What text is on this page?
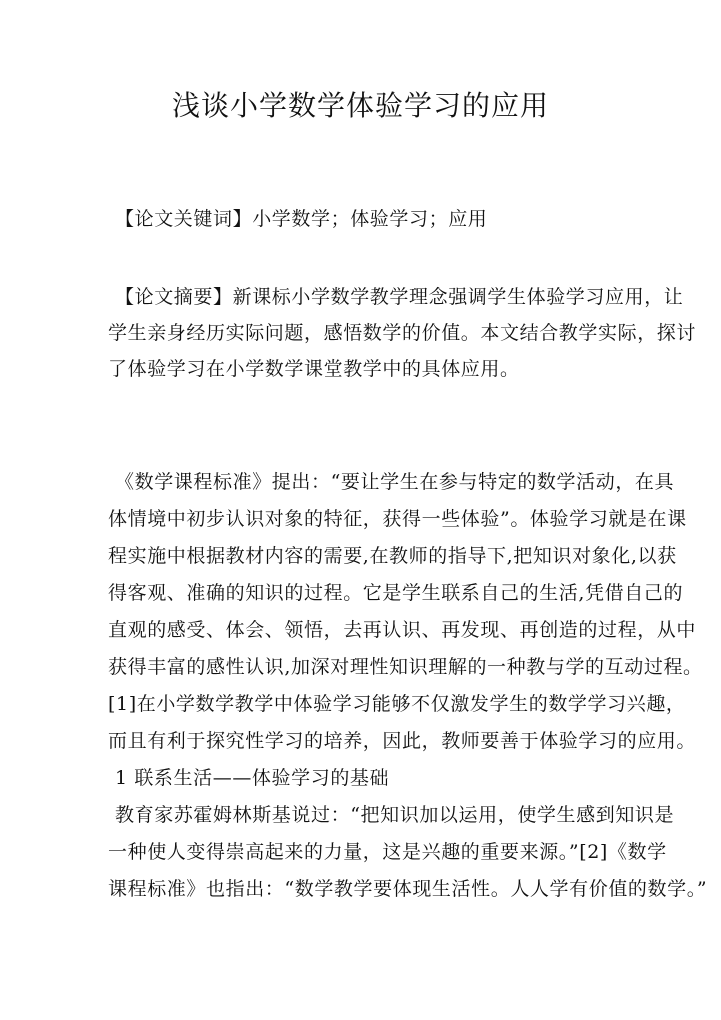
浅谈小学数学体验学习的应用
【论文关键词】小学数学；体验学习；应用
【论文摘要】新课标小学数学教学理念强调学生体验学习应用，让
学生亲身经历实际问题，感悟数学的价值。本文结合教学实际，探讨
了体验学习在小学数学课堂教学中的具体应用。
《数学课程标准》提出：“要让学生在参与特定的数学活动，在具
体情境中初步认识对象的特征，获得一些体验”。体验学习就是在课
程实施中根据教材内容的需要,在教师的指导下,把知识对象化,以获
得客观、准确的知识的过程。它是学生联系自己的生活,凭借自己的
直观的感受、体会、领悟，去再认识、再发现、再创造的过程，从中
获得丰富的感性认识,加深对理性知识理解的一种教与学的互动过程。
[1]在小学数学教学中体验学习能够不仅激发学生的数学学习兴趣，
而且有利于探究性学习的培养，因此，教师要善于体验学习的应用。
1 联系生活——体验学习的基础
教育家苏霍姆林斯基说过：“把知识加以运用，使学生感到知识是
一种使人变得崇高起来的力量，这是兴趣的重要来源。”[2]《数学
课程标准》也指出：“数学教学要体现生活性。人人学有价值的数学。”
